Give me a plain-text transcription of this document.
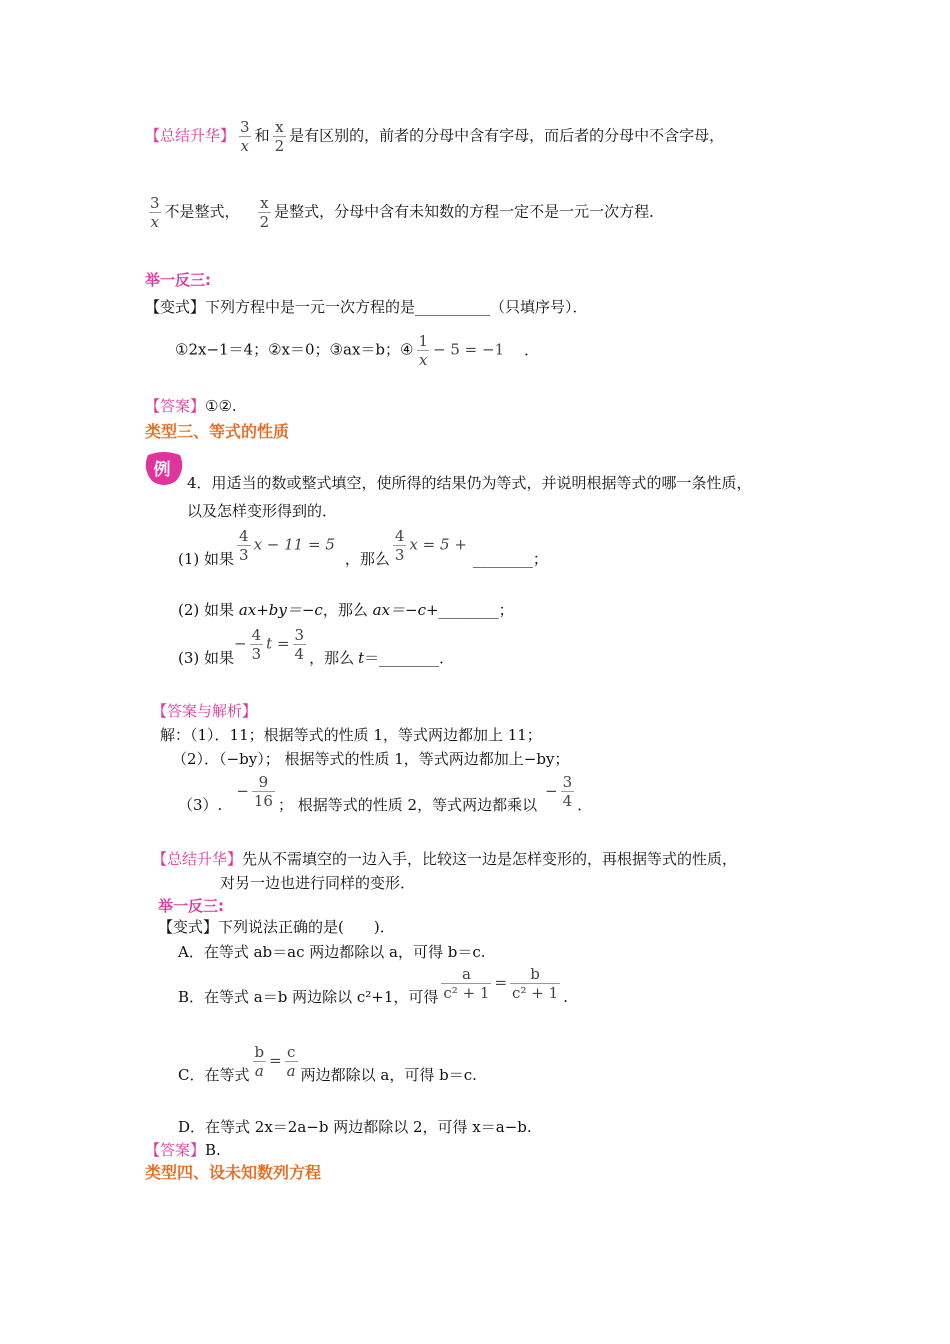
【总结升华】 $\frac{3}{x}$ 和 $\frac{x}{2}$ 是有区别的，前者的分母中含有字母，而后者的分母中不含字母，
$\frac{3}{x}$ 不是整式， $\frac{x}{2}$ 是整式，分母中含有未知数的方程一定不是一元一次方程．
举一反三:
【变式】下列方程中是一元一次方程的是__________（只填序号）．
①2x−1＝4；②x＝0；③ax＝b；④ $\frac{1}{x} - 5 = -1$ ．
【答案】①②.
类型三、等式的性质
例
4．用适当的数或整式填空，使所得的结果仍为等式，并说明根据等式的哪一条性质，
以及怎样变形得到的．
(1) 如果 $\frac{4}{3}$ x − 11 = 5，那么 $\frac{4}{3}$ x = 5 +________；
(2) 如果 ax+by＝−c，那么 ax＝−c+________；
(3) 如果− $\frac{4}{3}$ $t = \frac{3}{4}$ ，那么 t＝________．
【答案与解析】
解：（1）．11；根据等式的性质 1，等式两边都加上 11；
（2）．（−by）； 根据等式的性质 1，等式两边都加上−by；
$(3).- \frac{9}{16}$ ； 根据等式的性质 2，等式两边都乘以− $\frac{3}{4}$ ．
【总结升华】先从不需填空的一边入手，比较这一边是怎样变形的，再根据等式的性质，
对另一边也进行同样的变形．
举一反三:
【变式】下列说法正确的是(　　)．
A．在等式 ab＝ac 两边都除以 a，可得 b＝c.
B．在等式 a＝b 两边除以 c²+1，可得 $\frac{a}{\text{c² + 1}} = \frac{b}{\text{c² + 1}}$ .
C．在等式 $\frac{b}{a} = \frac{c}{a}$ 两边都除以 a，可得 b＝c.
D．在等式 2x＝2a−b 两边都除以 2，可得 x＝a−b.
【答案】B.
类型四、设未知数列方程
